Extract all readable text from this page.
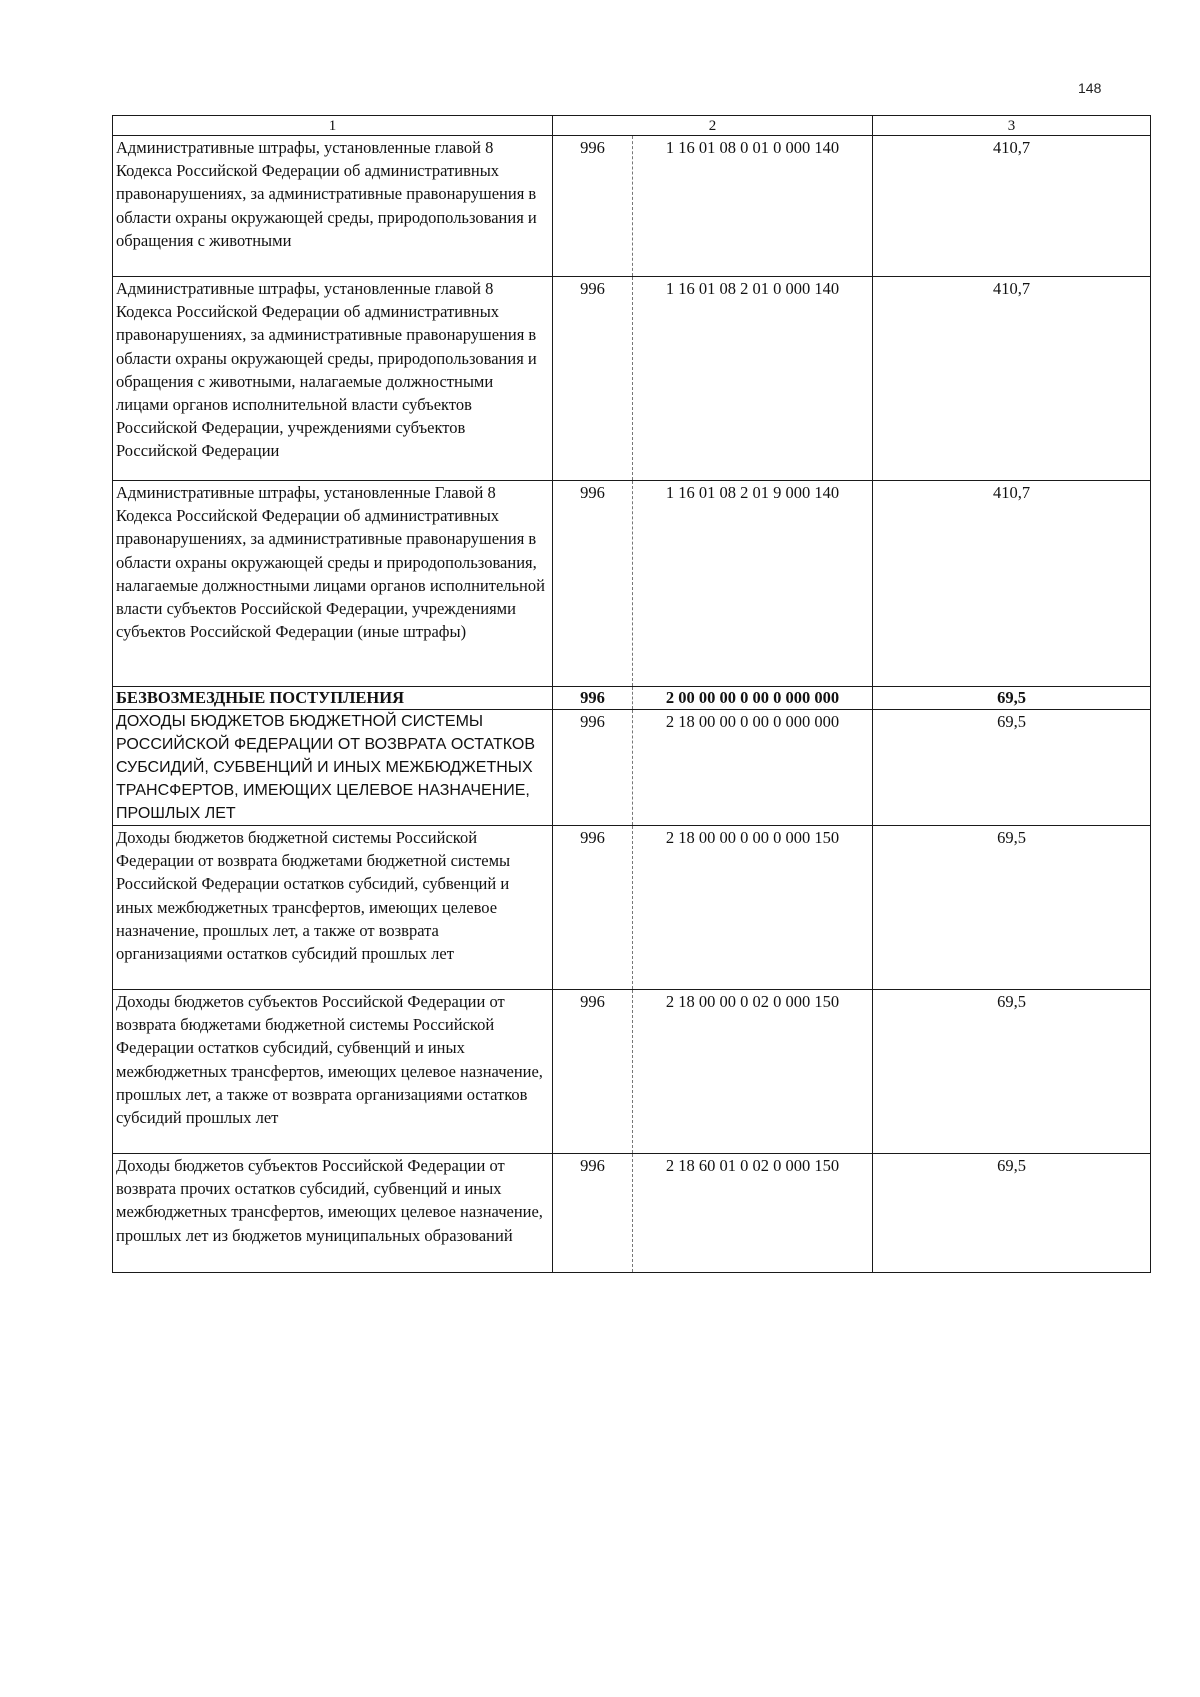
148
1	2		3
Административные штрафы, установленные главой 8 Кодекса Российской Федерации об административных правонарушениях, за административные правонарушения в области охраны окружающей среды, природопользования и обращения с животными	996	1 16 01 08 0 01 0 000 140	410,7
Административные штрафы, установленные главой 8 Кодекса Российской Федерации об административных правонарушениях, за административные правонарушения в области охраны окружающей среды, природопользования и обращения с животными, налагаемые должностными лицами органов исполнительной власти субъектов Российской Федерации, учреждениями субъектов Российской Федерации	996	1 16 01 08 2 01 0 000 140	410,7
Административные штрафы, установленные Главой 8 Кодекса Российской Федерации об административных правонарушениях, за административные правонарушения в области охраны окружающей среды и природопользования, налагаемые должностными лицами органов исполнительной власти субъектов Российской Федерации, учреждениями субъектов Российской Федерации (иные штрафы)	996	1 16 01 08 2 01 9 000 140	410,7
БЕЗВОЗМЕЗДНЫЕ ПОСТУПЛЕНИЯ	996	2 00 00 00 0 00 0 000 000	69,5
ДОХОДЫ БЮДЖЕТОВ БЮДЖЕТНОЙ СИСТЕМЫ РОССИЙСКОЙ ФЕДЕРАЦИИ ОТ ВОЗВРАТА ОСТАТКОВ СУБСИДИЙ, СУБВЕНЦИЙ И ИНЫХ МЕЖБЮДЖЕТНЫХ ТРАНСФЕРТОВ, ИМЕЮЩИХ ЦЕЛЕВОЕ НАЗНАЧЕНИЕ, ПРОШЛЫХ ЛЕТ	996	2 18 00 00 0 00 0 000 000	69,5
Доходы бюджетов бюджетной системы Российской Федерации от возврата бюджетами бюджетной системы Российской Федерации остатков субсидий, субвенций и иных межбюджетных трансфертов, имеющих целевое назначение, прошлых лет, а также от возврата организациями остатков субсидий прошлых лет	996	2 18 00 00 0 00 0 000 150	69,5
Доходы бюджетов субъектов Российской Федерации от возврата бюджетами бюджетной системы Российской Федерации остатков субсидий, субвенций и иных межбюджетных трансфертов, имеющих целевое назначение, прошлых лет, а также от возврата организациями остатков субсидий прошлых лет	996	2 18 00 00 0 02 0 000 150	69,5
Доходы бюджетов субъектов Российской Федерации от возврата прочих остатков субсидий, субвенций и иных межбюджетных трансфертов, имеющих целевое назначение, прошлых лет из бюджетов муниципальных образований	996	2 18 60 01 0 02 0 000 150	69,5
